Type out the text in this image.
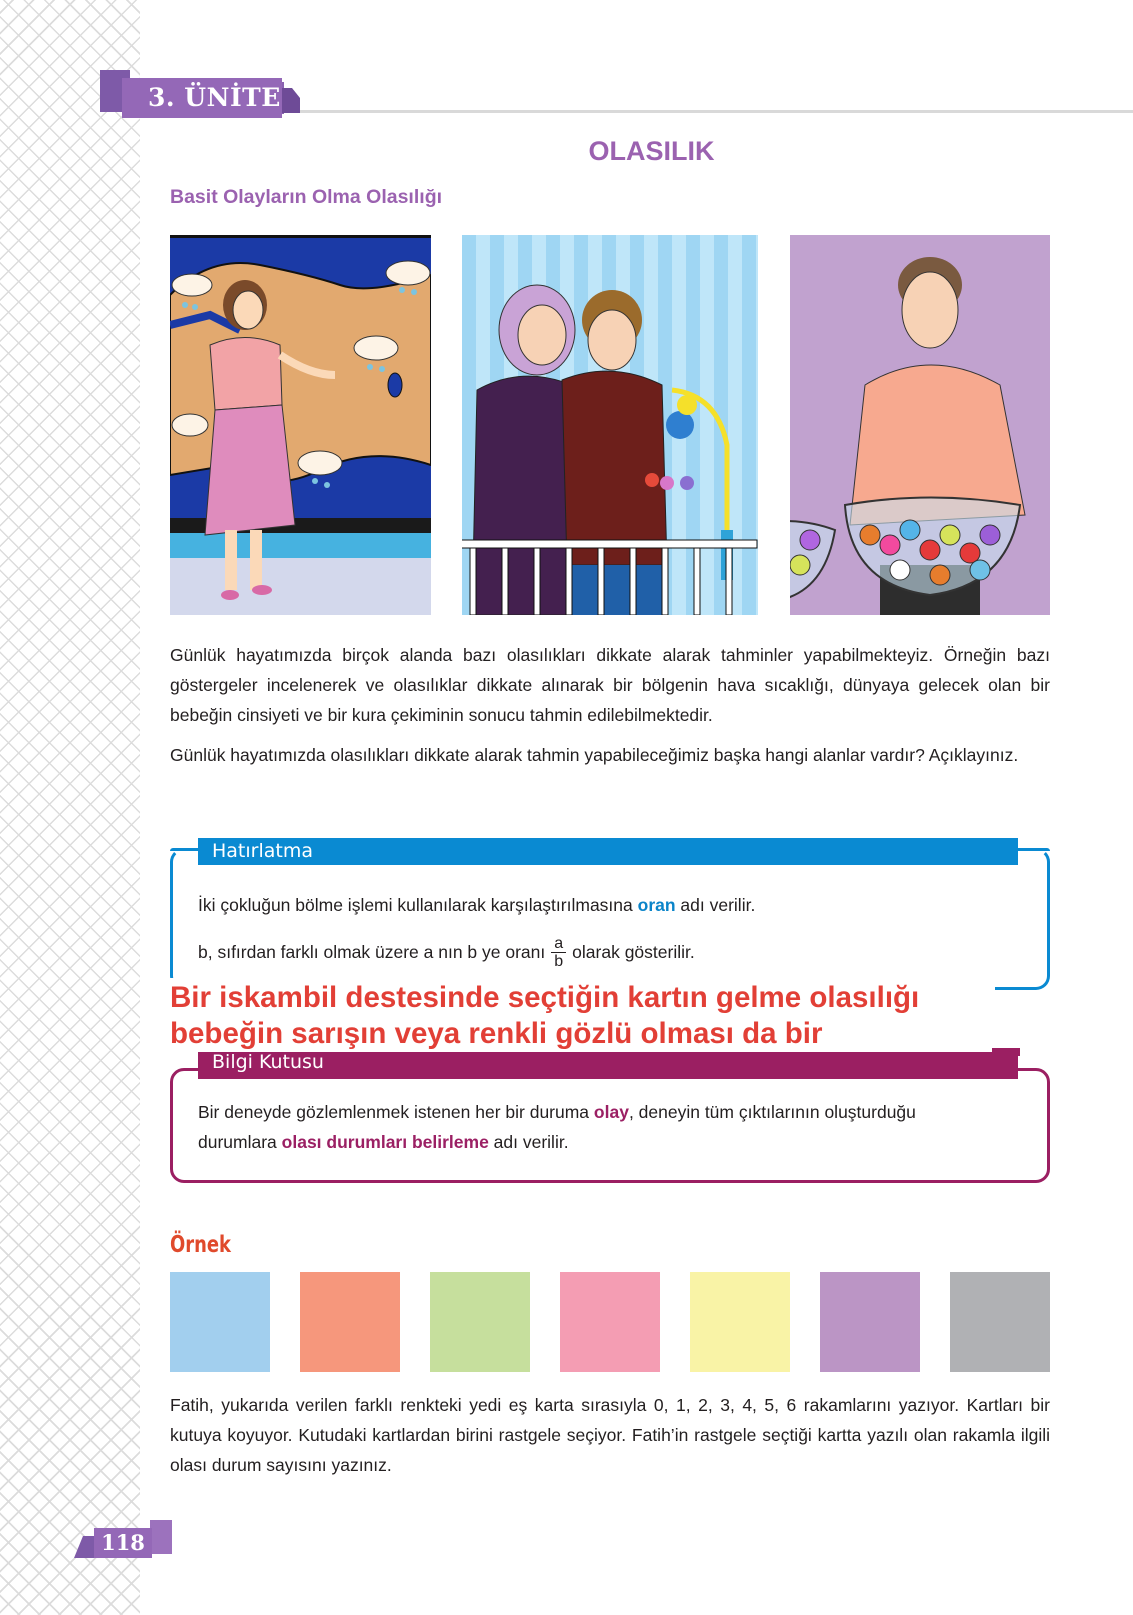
3. ÜNİTE
OLASILIK
Basit Olayların Olma Olasılığı

Günlük hayatımızda birçok alanda bazı olasılıkları dikkate alarak tahminler yapabilmekteyiz. Örneğin bazı göstergeler incelenerek ve olasılıklar dikkate alınarak bir bölgenin hava sıcaklığı, dünyaya gelecek olan bir bebeğin cinsiyeti ve bir kura çekiminin sonucu tahmin edilebilmektedir.

Günlük hayatımızda olasılıkları dikkate alarak tahmin yapabileceğimiz başka hangi alanlar vardır? Açıklayınız.

Hatırlatma
İki çokluğun bölme işlemi kullanılarak karşılaştırılmasına oran adı verilir.
b, sıfırdan farklı olmak üzere a nın b ye oranı $\frac{a}{b}$ olarak gösterilir.
Bir iskambil destesinde seçtiğin kartın gelme olasılığı
bebeğin sarışın veya renkli gözlü olması da bir
Bilgi Kutusu
Bir deneyde gözlemlenmek istenen her bir duruma olay, deneyin tüm çıktılarının oluşturduğu
durumlara olası durumları belirleme adı verilir.
Örnek

Fatih, yukarıda verilen farklı renkteki yedi eş karta sırasıyla 0, 1, 2, 3, 4, 5, 6 rakamlarını yazıyor. Kartları bir kutuya koyuyor. Kutudaki kartlardan birini rastgele seçiyor. Fatih’in rastgele seçtiği kartta yazılı olan rakamla ilgili olası durum sayısını yazınız.

118
